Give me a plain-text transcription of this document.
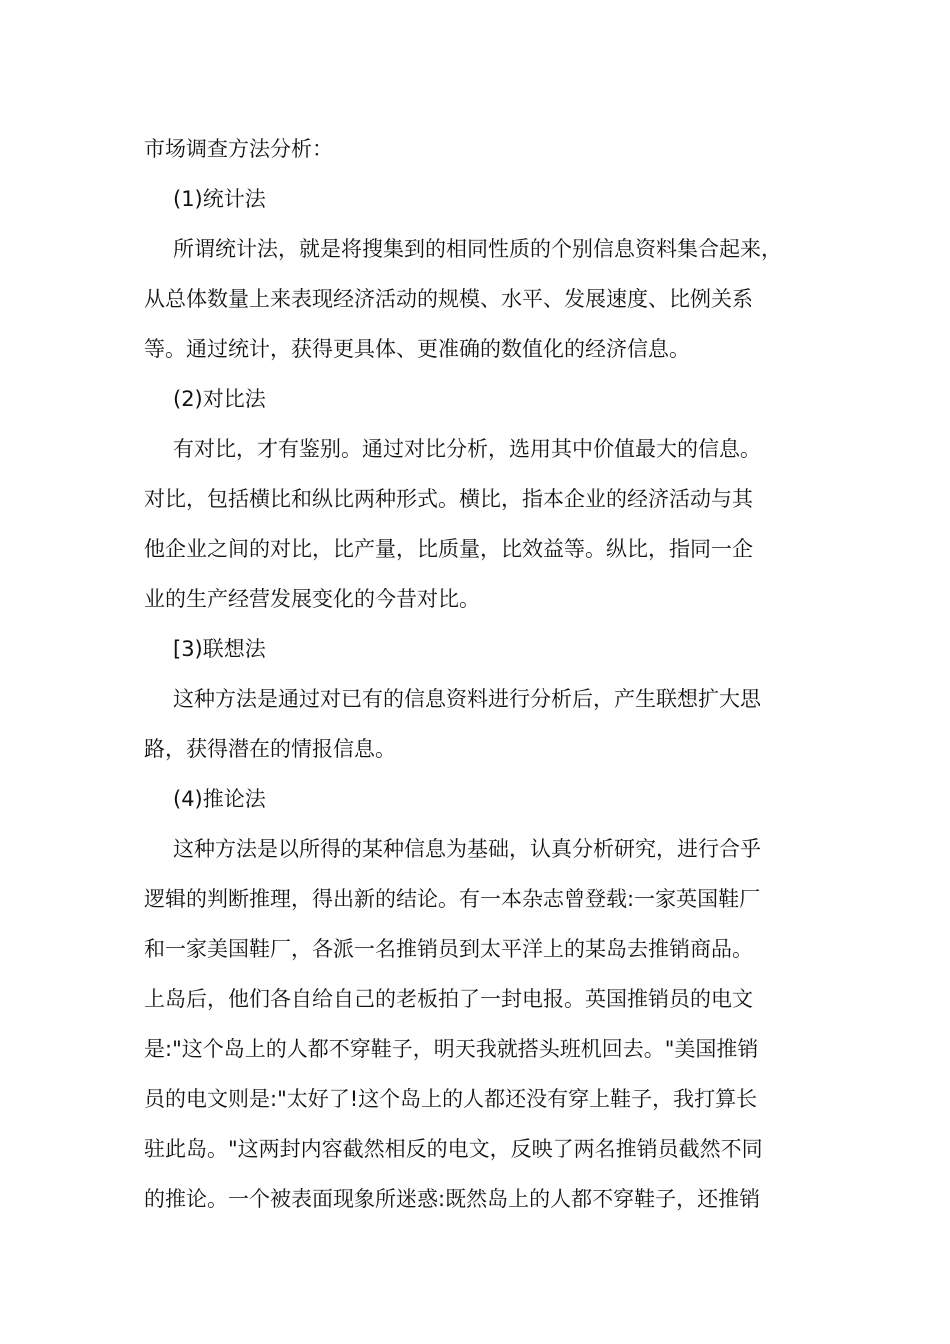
市场调查方法分析：
(1)统计法
所谓统计法，就是将搜集到的相同性质的个别信息资料集合起来，
从总体数量上来表现经济活动的规模、水平、发展速度、比例关系
等。通过统计，获得更具体、更准确的数值化的经济信息。
(2)对比法
有对比，才有鉴别。通过对比分析，选用其中价值最大的信息。
对比，包括横比和纵比两种形式。横比，指本企业的经济活动与其
他企业之间的对比，比产量，比质量，比效益等。纵比，指同一企
业的生产经营发展变化的今昔对比。
[3)联想法
这种方法是通过对已有的信息资料进行分析后，产生联想扩大思
路，获得潜在的情报信息。
(4)推论法
这种方法是以所得的某种信息为基础，认真分析研究，进行合乎
逻辑的判断推理，得出新的结论。有一本杂志曾登载:一家英国鞋厂
和一家美国鞋厂，各派一名推销员到太平洋上的某岛去推销商品。
上岛后，他们各自给自己的老板拍了一封电报。英国推销员的电文
是:"这个岛上的人都不穿鞋子，明天我就搭头班机回去。"美国推销
员的电文则是:"太好了!这个岛上的人都还没有穿上鞋子，我打算长
驻此岛。"这两封内容截然相反的电文，反映了两名推销员截然不同
的推论。一个被表面现象所迷惑:既然岛上的人都不穿鞋子，还推销
